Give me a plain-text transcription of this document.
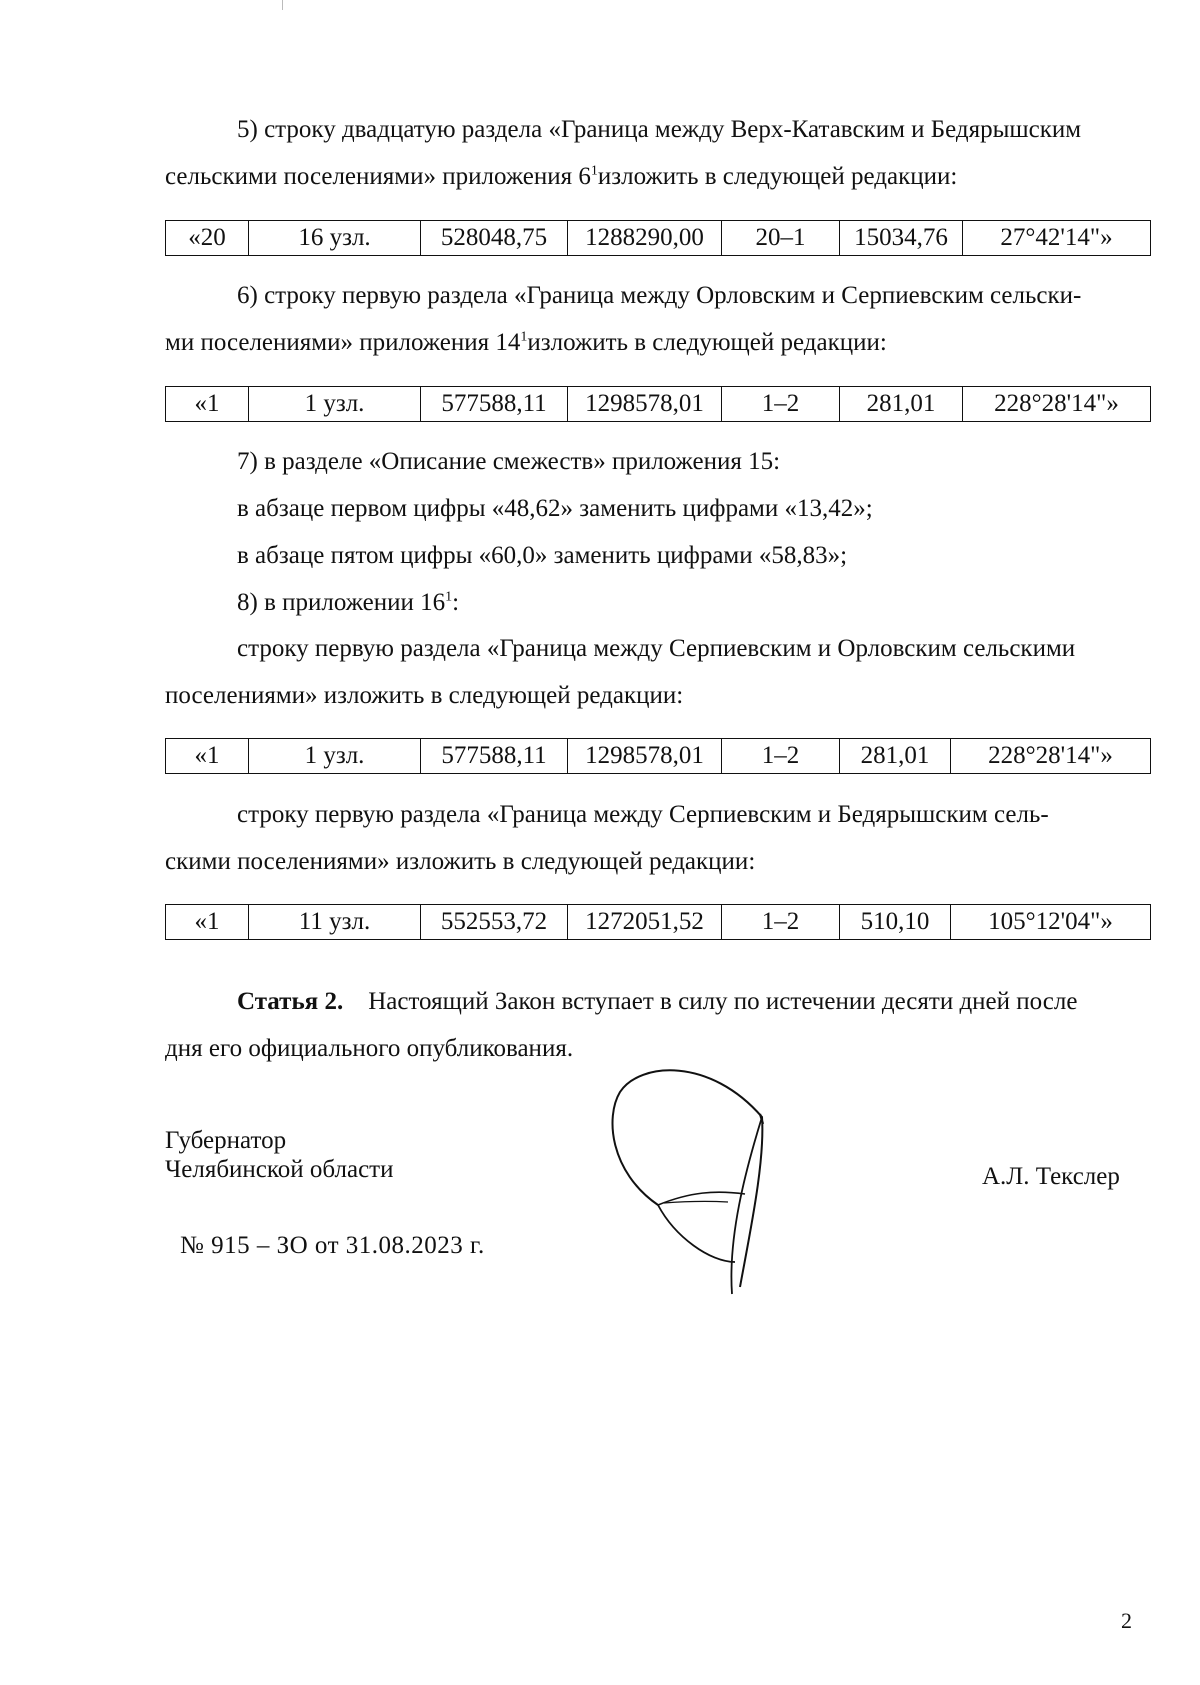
5) строку двадцатую раздела «Граница между Верх-Катавским и Бедярышским
сельскими поселениями» приложения $6^1изложить$ в следующей редакции:

«20	16 узл.	528048,75	1288290,00	20–1	15034,76	27°42'14"»

6) строку первую раздела «Граница между Орловским и Серпиевским сельски-
ми поселениями» приложения $14^1изложить$ в следующей редакции:

«1	1 узл.	577588,11	1298578,01	1–2	281,01	228°28'14"»

7) в разделе «Описание смежеств» приложения 15:

в абзаце первом цифры «48,62» заменить цифрами «13,42»;

в абзаце пятом цифры «60,0» заменить цифрами «58,83»;

8) в приложении $16^1$:

строку первую раздела «Граница между Серпиевским и Орловским сельскими
поселениями» изложить в следующей редакции:

«1	1 узл.	577588,11	1298578,01	1–2	281,01	228°28'14"»

строку первую раздела «Граница между Серпиевским и Бедярышским сель-
скими поселениями» изложить в следующей редакции:

«1	11 узл.	552553,72	1272051,52	1–2	510,10	105°12'04"»

Статья 2. Настоящий Закон вступает в силу по истечении десяти дней после
дня его официального опубликования.

Губернатор
Челябинской области	А.Л. Текслер
№ 915 – ЗО от 31.08.2023 г.
2
